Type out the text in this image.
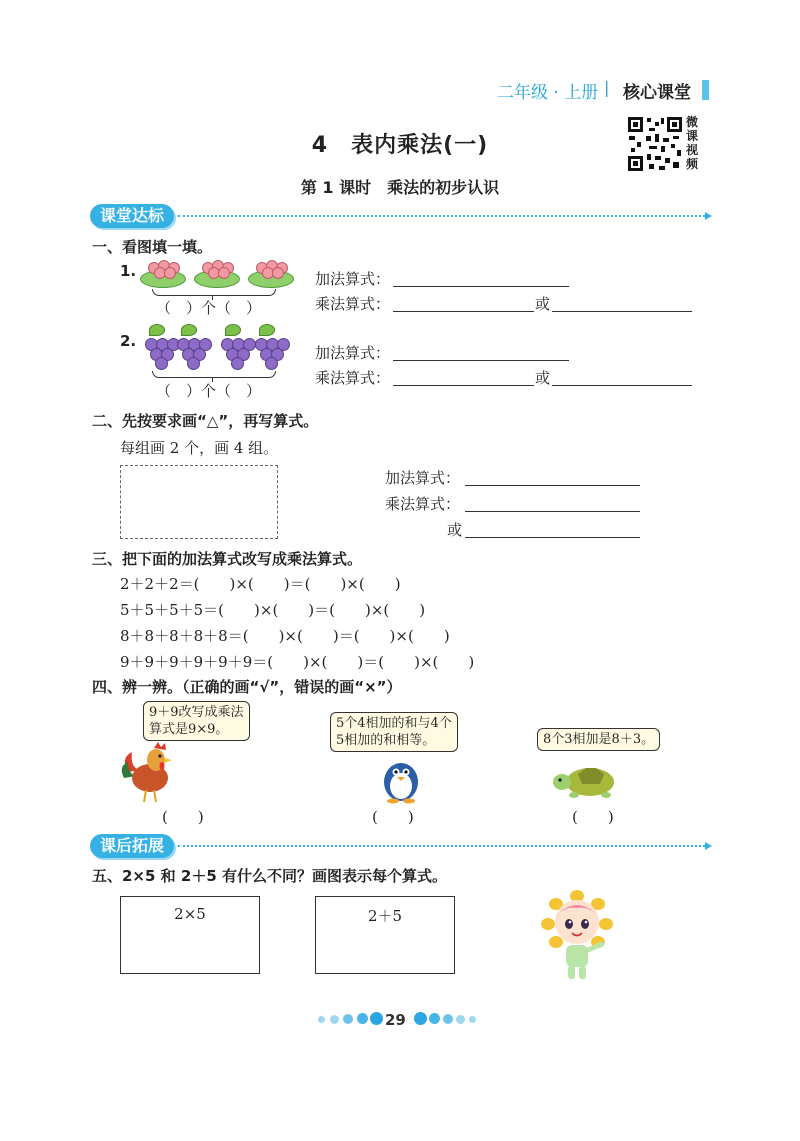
二年级 · 上册 | 核心课堂
4　表内乘法(一)
第 1 课时　乘法的初步认识
微课视频
课堂达标
一、看图填一填。
1.
（　）个（　）
加法算式：
乘法算式：	或
2.
（　）个（　）
加法算式：
乘法算式：	或
二、先按要求画“△”，再写算式。
每组画 2 个，画 4 组。
加法算式：
乘法算式：
或
三、把下面的加法算式改写成乘法算式。
2＋2＋2＝(　　)×(　　)＝(　　)×(　　)
5＋5＋5＋5＝(　　)×(　　)＝(　　)×(　　)
8＋8＋8＋8＋8＝(　　)×(　　)＝(　　)×(　　)
9＋9＋9＋9＋9＋9＝(　　)×(　　)＝(　　)×(　　)
四、辨一辨。（正确的画“√”，错误的画“×”）
9＋9改写成乘法
算式是9×9。
(　　)
5个4相加的和与4个
5相加的和相等。
(　　)
8个3相加是8＋3。
(　　)
课后拓展
五、2×5 和 2＋5 有什么不同？画图表示每个算式。
2×5	2＋5
29
